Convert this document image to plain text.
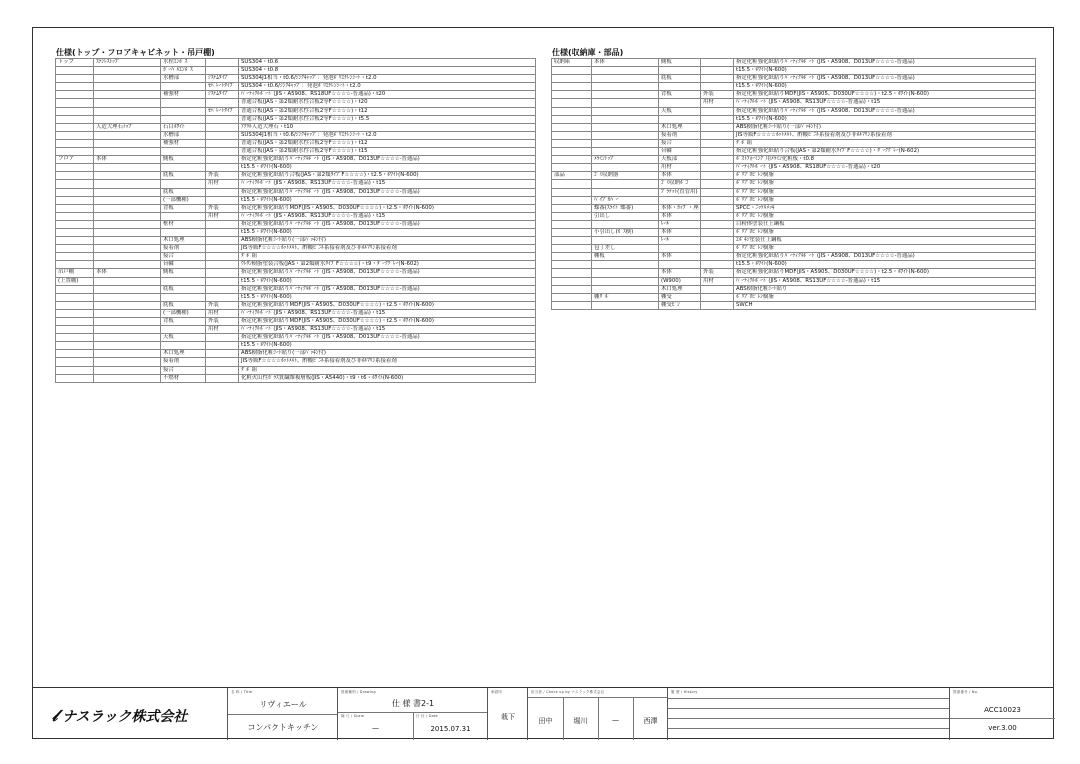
仕様(トップ・フロアキャビネット・吊戸棚)
トップ	ｽﾃﾝﾚｽﾄｯﾌﾟ	水栓ｴﾝﾎﾞｽ		SUS304・t0.6
		ｶﾞｰﾊﾞﾙｴﾝﾎﾞｽ		SUS304・t0.8
		水槽部	ｼｽﾃﾑﾀｲﾌﾟ	SUS304J1相当・t0.6/ｼﾝｸｷｬｯﾌﾟ：発泡ﾎﾟﾘｴﾁﾚﾝｼｰﾄ・t2.0
			ｾﾊﾟﾚｰﾄﾀｲﾌﾟ	SUS304・t0.6/ｼﾝｸｷｬｯﾌﾟ：発泡ﾎﾟﾘｴﾁﾚﾝｼｰﾄ・t2.0
		補強材	ｼｽﾃﾑﾀｲﾌﾟ	ﾊﾟｰﾃｨｸﾙﾎﾞｰﾄﾞ(JIS・A5908、RS18UF☆☆☆☆-普通品)・t20
				普通合板(JAS・第2類耐水性合板2等F☆☆☆☆)・t20
			ｾﾊﾟﾚｰﾄﾀｲﾌﾟ	普通合板(JAS・第2類耐水性合板2等F☆☆☆☆)・t12
				普通合板(JAS・第2類耐水性合板2等F☆☆☆☆)・t5.5
	人造大理石ﾄｯﾌﾟ	石目ﾎﾜｲﾄ		ｱｸﾘﾙ人造大理石・t10
		水槽部		SUS304J1相当・t0.6/ｼﾝｸｷｬｯﾌﾟ：発泡ﾎﾟﾘｴﾁﾚﾝｼｰﾄ・t2.0
		補強材		普通合板(JAS・第2類耐水性合板2等F☆☆☆☆)・t12
				普通合板(JAS・第2類耐水性合板2等F☆☆☆☆)・t15
フロア	本体	側板		指定化粧強化紙貼りﾊﾟｰﾃｨｸﾙﾎﾞｰﾄﾞ(JIS・A5908、D013UF☆☆☆☆-普通品)
				t15.5・ﾎﾜｲﾄ(N-600)
		底板	外装	指定化粧強化紙貼り合板(JAS・第2類ﾀｲﾌﾟF☆☆☆☆)・t2.5・ﾎﾜｲﾄ(N-600)
			用材	ﾊﾟｰﾃｨｸﾙﾎﾞｰﾄﾞ(JIS・A5908、RS13UF☆☆☆☆-普通品)・t15
		底板		指定化粧強化紙貼りﾊﾟｰﾃｨｸﾙﾎﾞｰﾄﾞ(JIS・A5908、D013UF☆☆☆☆-普通品)
		(一部機種)		t15.5・ﾎﾜｲﾄ(N-600)
		背板	外装	指定化粧強化紙貼りMDF(JIS・A5905、D030UF☆☆☆☆)・t2.5・ﾎﾜｲﾄ(N-600)
			用材	ﾊﾟｰﾃｨｸﾙﾎﾞｰﾄﾞ(JIS・A5908、RS13UF☆☆☆☆-普通品)・t15
		框材		指定化粧強化紙貼りﾊﾟｰﾃｨｸﾙﾎﾞｰﾄﾞ(JIS・A5908、D013UF☆☆☆☆-普通品)
				t15.5・ﾎﾜｲﾄ(N-600)
		木口処理		ABS樹脂化粧ｼｰﾄ貼り(一部ﾊﾟｯｷﾝ付)
		接着剤		JIS等級F☆☆☆☆ﾎｯﾄﾒﾙﾄ、酢酸ﾋﾞﾆﾙ系接着剤及び非ﾎﾙﾏﾘﾝ系接着剤
		接合		ﾀﾞﾎﾞ組
		台輪		ｳﾚﾀﾝ樹脂塗装合板(JAS・第2類耐水ﾀｲﾌﾟF☆☆☆☆)・t9・ﾀﾞｰｸｸﾞﾚｰ(N-602)
吊戸棚	本体	側板		指定化粧強化紙貼りﾊﾟｰﾃｨｸﾙﾎﾞｰﾄﾞ(JIS・A5908、D013UF☆☆☆☆-普通品)
(上置棚)				t15.5・ﾎﾜｲﾄ(N-600)
		底板		指定化粧強化紙貼りﾊﾟｰﾃｨｸﾙﾎﾞｰﾄﾞ(JIS・A5908、D013UF☆☆☆☆-普通品)
				t15.5・ﾎﾜｲﾄ(N-600)
		底板	外装	指定化粧強化紙貼りMDF(JIS・A5905、D030UF☆☆☆☆)・t2.5・ﾎﾜｲﾄ(N-600)
		(一部機種)	用材	ﾊﾟｰﾃｨｸﾙﾎﾞｰﾄﾞ(JIS・A5908、RS13UF☆☆☆☆-普通品)・t15
		背板	外装	指定化粧強化紙貼りMDF(JIS・A5905、D030UF☆☆☆☆)・t2.5・ﾎﾜｲﾄ(N-600)
			用材	ﾊﾟｰﾃｨｸﾙﾎﾞｰﾄﾞ(JIS・A5908、RS13UF☆☆☆☆-普通品)・t15
		天板		指定化粧強化紙貼りﾊﾟｰﾃｨｸﾙﾎﾞｰﾄﾞ(JIS・A5908、D013UF☆☆☆☆-普通品)
				t15.5・ﾎﾜｲﾄ(N-600)
		木口処理		ABS樹脂化粧ｼｰﾄ貼り(一部ﾊﾟｯｷﾝ付)
		接着剤		JIS等級F☆☆☆☆ﾎｯﾄﾒﾙﾄ、酢酸ﾋﾞﾆﾙ系接着剤及び非ﾎﾙﾏﾘﾝ系接着剤
		接合		ﾀﾞﾎﾞ組
		不燃材		化粧火山性ｶﾞﾗｽ質繊維複層板(JIS・A5440)・t9・t6・ﾎﾜｲﾄ(N-600)
仕様(収納庫・部品)
収納庫	本体	側板		指定化粧強化紙貼りﾊﾟｰﾃｨｸﾙﾎﾞｰﾄﾞ(JIS・A5908、D013UF☆☆☆☆-普通品)
				t15.5・ﾎﾜｲﾄ(N-600)
		底板		指定化粧強化紙貼りﾊﾟｰﾃｨｸﾙﾎﾞｰﾄﾞ(JIS・A5908、D013UF☆☆☆☆-普通品)
				t15.5・ﾎﾜｲﾄ(N-600)
		背板	外装	指定化粧強化紙貼りMDF(JIS・A5905、D030UF☆☆☆☆)・t2.5・ﾎﾜｲﾄ(N-600)
			用材	ﾊﾟｰﾃｨｸﾙﾎﾞｰﾄﾞ(JIS・A5908、RS13UF☆☆☆☆-普通品)・t15
		天板		指定化粧強化紙貼りﾊﾟｰﾃｨｸﾙﾎﾞｰﾄﾞ(JIS・A5908、D013UF☆☆☆☆-普通品)
				t15.5・ﾎﾜｲﾄ(N-600)
		木口処理		ABS樹脂化粧ｼｰﾄ貼り(一部ﾊﾟｯｷﾝ付)
		接着剤		JIS等級F☆☆☆☆ﾎｯﾄﾒﾙﾄ、酢酸ﾋﾞﾆﾙ系接着剤及び非ﾎﾙﾏﾘﾝ系接着剤
		接合		ﾀﾞﾎﾞ組
		台輪		指定化粧強化紙貼り合板(JAS・第2類耐水ﾀｲﾌﾟF☆☆☆☆)・ﾀﾞｰｸｸﾞﾚｰ(N-602)
	ﾒﾗﾐﾝﾄｯﾌﾟ	天板部		ﾎﾟｽﾄﾌｫｰﾐﾝｸﾞ用ﾒﾗﾐﾝ化粧板・t0.8
		用材		ﾊﾟｰﾃｨｸﾙﾎﾞｰﾄﾞ(JIS・A5908、RS18UF☆☆☆☆-普通品)・t20
部品	ｺﾞﾐ収納器	本体		ﾎﾟﾘﾌﾟﾛﾋﾟﾚﾝ樹脂
		ｺﾞﾐ収納ﾎﾞｺﾞ		ﾎﾟﾘﾌﾟﾛﾋﾟﾚﾝ樹脂
		ﾌﾞﾗｹｯﾄ(直管用)		ﾎﾟﾘﾌﾟﾛﾋﾟﾚﾝ樹脂
	ﾊﾟｲﾌﾟｶﾊﾞｰ			ﾎﾟﾘﾌﾟﾛﾋﾟﾚﾝ樹脂
	蝶番(ｽﾗｲﾄﾞ蝶番)	本体・ｶｯﾌﾟ・座		SPCC・ﾆｯｹﾙﾒｯｷ
	引出し	本体		ﾎﾟﾘﾌﾟﾛﾋﾟﾚﾝ樹脂
		ﾚｰﾙ		白粉体塗装仕上鋼板
	小引出し(ｶﾞｽ横)	本体		ﾎﾟﾘﾌﾟﾛﾋﾟﾚﾝ樹脂
		ﾚｰﾙ		ｴﾎﾟｷｼ塗装仕上鋼板
	包丁差し			ﾎﾟﾘﾌﾟﾛﾋﾟﾚﾝ樹脂
	棚板	本体		指定化粧強化紙貼りﾊﾟｰﾃｨｸﾙﾎﾞｰﾄﾞ(JIS・A5908、D013UF☆☆☆☆-普通品)
				t15.5・ﾎﾜｲﾄ(N-600)
		本体	外装	指定化粧強化紙貼りMDF(JIS・A5905、D030UF☆☆☆☆)・t2.5・ﾎﾜｲﾄ(N-600)
		(W900)	用材	ﾊﾟｰﾃｨｸﾙﾎﾞｰﾄﾞ(JIS・A5908、RS13UF☆☆☆☆-普通品)・t15
		木口処理		ABS樹脂化粧ｼｰﾄ貼り
	棚ﾀﾞﾎﾞ	棚受		ﾎﾟﾘﾌﾟﾛﾋﾟﾚﾝ樹脂
		棚受ﾋﾟﾝ		SWCH
𝓁 ナスラック株式会社
名 称 / Title
リヴィエール
コンパクトキッチン
図面種別 / Drawing
仕 様 書2-1
縮 尺 / Scale
—
日 付 / Date
2015.07.31
承認印
栽下
担当者 / Check up by ナスラック株式会社
田中	堀川	—	西澤
履 歴 / History	図面番号 / No.
ACC10023
ver.3.00
